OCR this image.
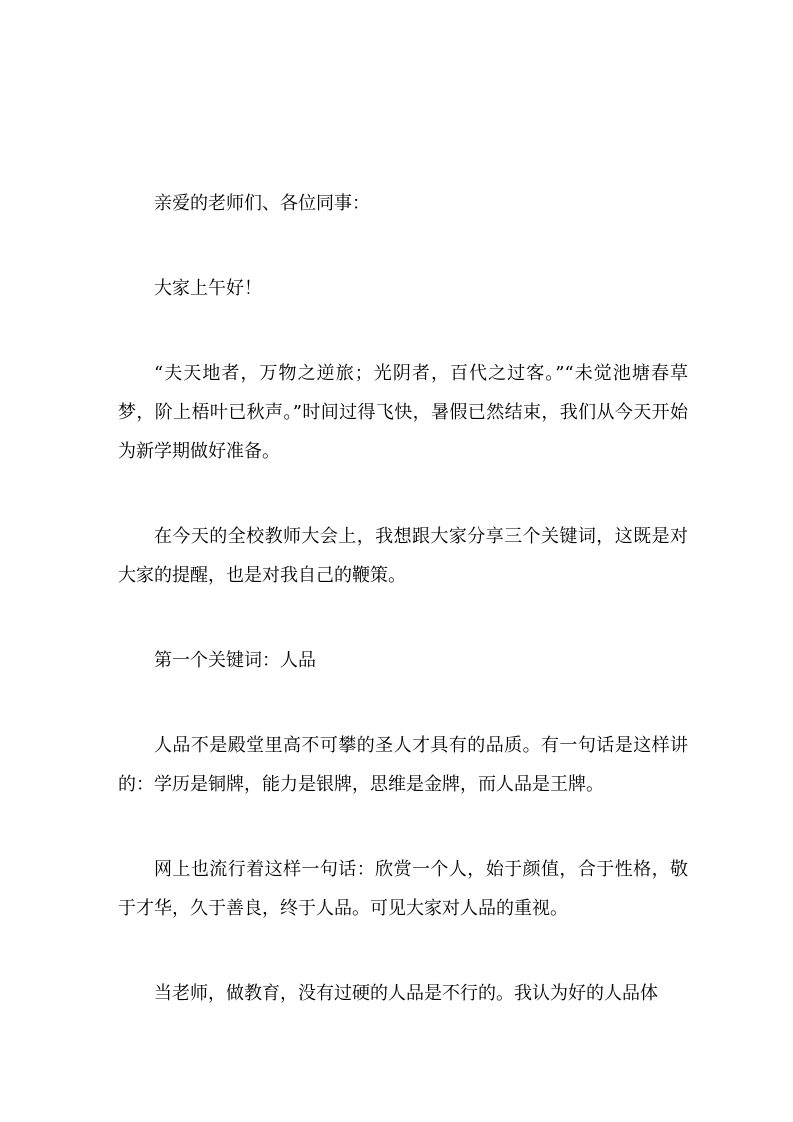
亲爱的老师们、各位同事：

大家上午好！

“夫天地者，万物之逆旅；光阴者，百代之过客。”“未觉池塘春草梦，阶上梧叶已秋声。”时间过得飞快，暑假已然结束，我们从今天开始为新学期做好准备。

在今天的全校教师大会上，我想跟大家分享三个关键词，这既是对大家的提醒，也是对我自己的鞭策。

第一个关键词：人品

人品不是殿堂里高不可攀的圣人才具有的品质。有一句话是这样讲的：学历是铜牌，能力是银牌，思维是金牌，而人品是王牌。

网上也流行着这样一句话：欣赏一个人，始于颜值，合于性格，敬于才华，久于善良，终于人品。可见大家对人品的重视。

当老师，做教育，没有过硬的人品是不行的。我认为好的人品体
